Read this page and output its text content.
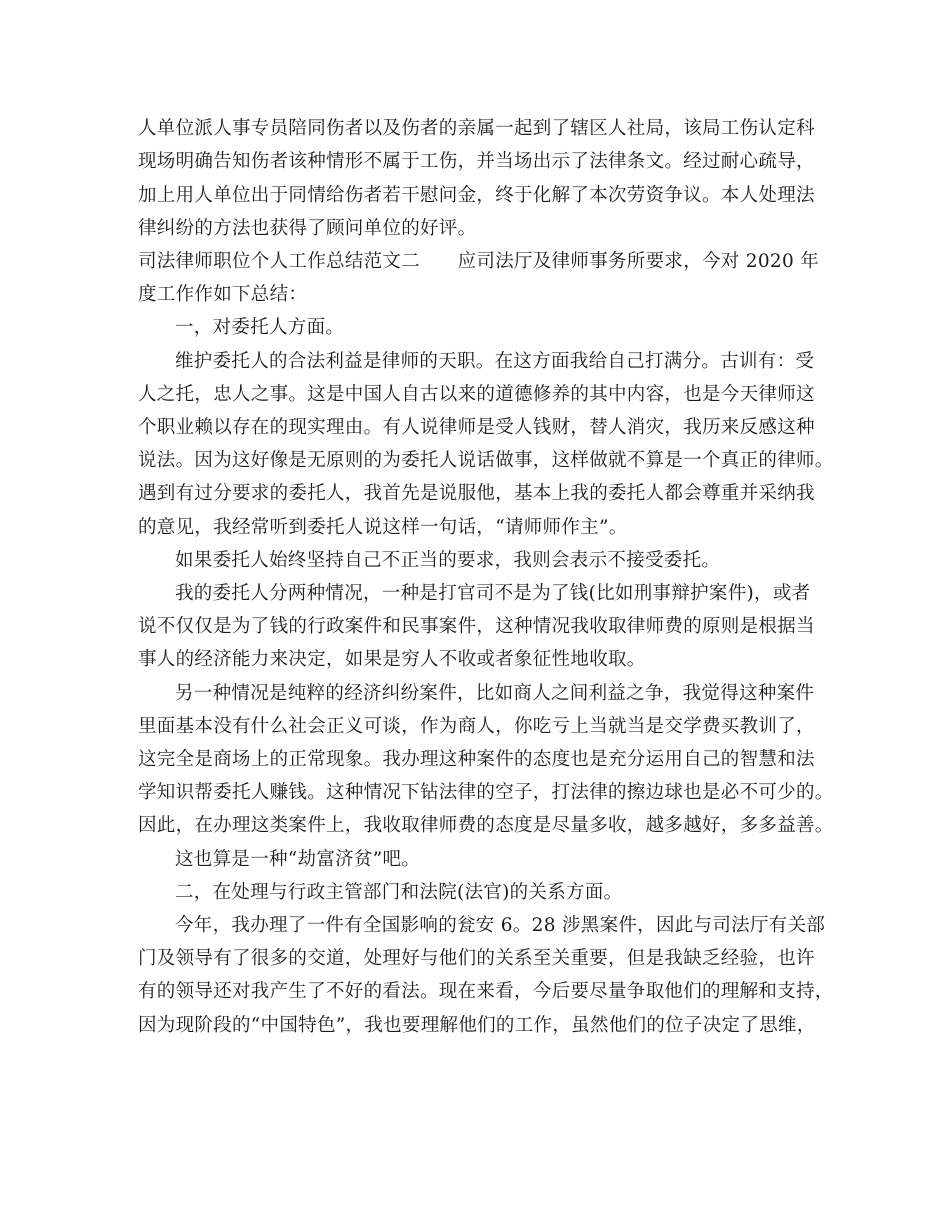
人单位派人事专员陪同伤者以及伤者的亲属一起到了辖区人社局，该局工伤认定科
现场明确告知伤者该种情形不属于工伤，并当场出示了法律条文。经过耐心疏导，
加上用人单位出于同情给伤者若干慰问金，终于化解了本次劳资争议。本人处理法
律纠纷的方法也获得了顾问单位的好评。
司法律师职位个人工作总结范文二　　应司法厅及律师事务所要求，今对 2020 年
度工作作如下总结：
一，对委托人方面。
维护委托人的合法利益是律师的天职。在这方面我给自己打满分。古训有：受
人之托，忠人之事。这是中国人自古以来的道德修养的其中内容，也是今天律师这
个职业赖以存在的现实理由。有人说律师是受人钱财，替人消灾，我历来反感这种
说法。因为这好像是无原则的为委托人说话做事，这样做就不算是一个真正的律师。
遇到有过分要求的委托人，我首先是说服他，基本上我的委托人都会尊重并采纳我
的意见，我经常听到委托人说这样一句话，“请师师作主”。
如果委托人始终坚持自己不正当的要求，我则会表示不接受委托。
我的委托人分两种情况，一种是打官司不是为了钱(比如刑事辩护案件)，或者
说不仅仅是为了钱的行政案件和民事案件，这种情况我收取律师费的原则是根据当
事人的经济能力来决定，如果是穷人不收或者象征性地收取。
另一种情况是纯粹的经济纠纷案件，比如商人之间利益之争，我觉得这种案件
里面基本没有什么社会正义可谈，作为商人，你吃亏上当就当是交学费买教训了，
这完全是商场上的正常现象。我办理这种案件的态度也是充分运用自己的智慧和法
学知识帮委托人赚钱。这种情况下钻法律的空子，打法律的擦边球也是必不可少的。
因此，在办理这类案件上，我收取律师费的态度是尽量多收，越多越好，多多益善。
这也算是一种“劫富济贫”吧。
二，在处理与行政主管部门和法院(法官)的关系方面。
今年，我办理了一件有全国影响的瓮安 6。28 涉黑案件，因此与司法厅有关部
门及领导有了很多的交道，处理好与他们的关系至关重要，但是我缺乏经验，也许
有的领导还对我产生了不好的看法。现在来看，今后要尽量争取他们的理解和支持，
因为现阶段的“中国特色”，我也要理解他们的工作，虽然他们的位子决定了思维，
